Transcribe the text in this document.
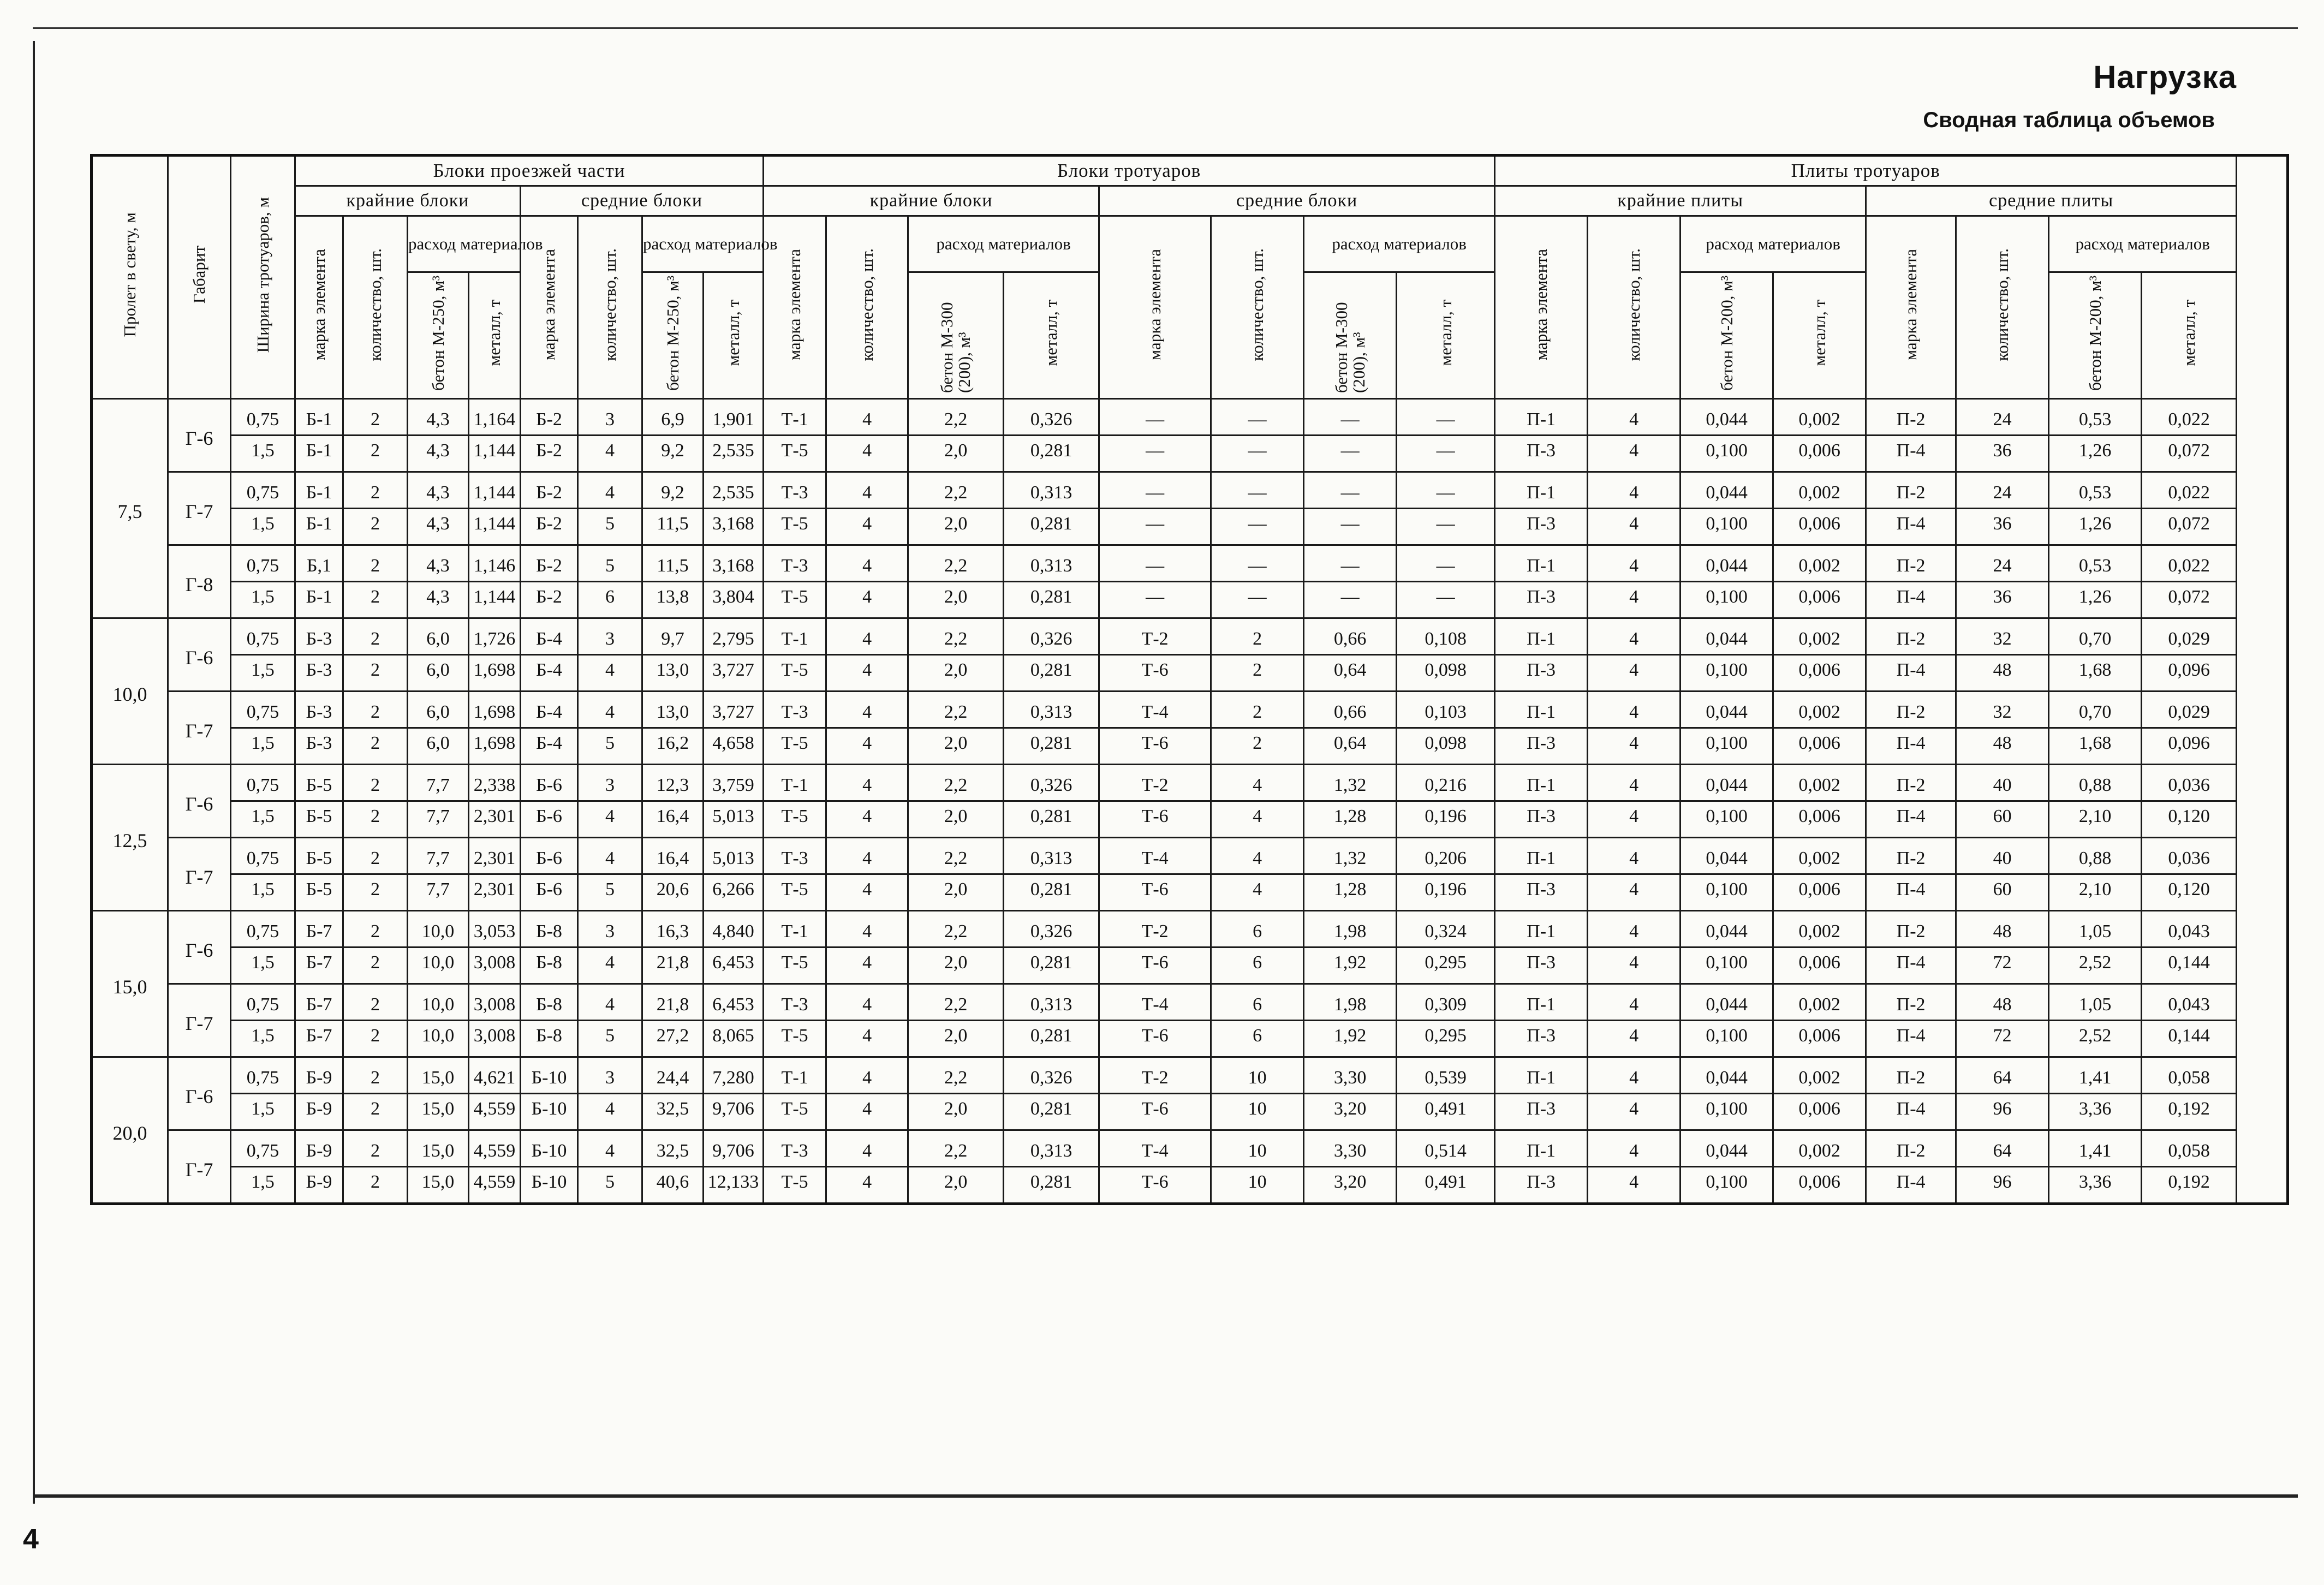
Нагрузка
Сводная таблица объемов
Пролет в свету, м	Габарит	Ширина тротуаров, м	Блоки проезжей части								Блоки тротуаров								Плиты тротуаров								
			крайние блоки				средние блоки				крайние блоки				средние блоки				крайние плиты				средние плиты				
			марка элемента	количество, шт.	расход материалов		марка элемента	количество, шт.	расход материалов		марка элемента	количество, шт.	расход материалов		марка элемента	количество, шт.	расход материалов		марка элемента	количество, шт.	расход материалов		марка элемента	количество, шт.	расход материалов		
					бетон М-250, м³	металл, т			бетон М-250, м³	металл, т			бетон М-300 (200), м³	металл, т			бетон М-300 (200), м³	металл, т			бетон М-200, м³	металл, т			бетон М-200, м³	металл, т	
7,5	Г-6	0,75	Б-1	2	4,3	1,164	Б-2	3	6,9	1,901	Т-1	4	2,2	0,326	—	—	—	—	П-1	4	0,044	0,002	П-2	24	0,53	0,022	
		1,5	Б-1	2	4,3	1,144	Б-2	4	9,2	2,535	Т-5	4	2,0	0,281	—	—	—	—	П-3	4	0,100	0,006	П-4	36	1,26	0,072	
	Г-7	0,75	Б-1	2	4,3	1,144	Б-2	4	9,2	2,535	Т-3	4	2,2	0,313	—	—	—	—	П-1	4	0,044	0,002	П-2	24	0,53	0,022	
		1,5	Б-1	2	4,3	1,144	Б-2	5	11,5	3,168	Т-5	4	2,0	0,281	—	—	—	—	П-3	4	0,100	0,006	П-4	36	1,26	0,072	
	Г-8	0,75	Б,1	2	4,3	1,146	Б-2	5	11,5	3,168	Т-3	4	2,2	0,313	—	—	—	—	П-1	4	0,044	0,002	П-2	24	0,53	0,022	
		1,5	Б-1	2	4,3	1,144	Б-2	6	13,8	3,804	Т-5	4	2,0	0,281	—	—	—	—	П-3	4	0,100	0,006	П-4	36	1,26	0,072	
10,0	Г-6	0,75	Б-3	2	6,0	1,726	Б-4	3	9,7	2,795	Т-1	4	2,2	0,326	Т-2	2	0,66	0,108	П-1	4	0,044	0,002	П-2	32	0,70	0,029	
		1,5	Б-3	2	6,0	1,698	Б-4	4	13,0	3,727	Т-5	4	2,0	0,281	Т-6	2	0,64	0,098	П-3	4	0,100	0,006	П-4	48	1,68	0,096	
	Г-7	0,75	Б-3	2	6,0	1,698	Б-4	4	13,0	3,727	Т-3	4	2,2	0,313	Т-4	2	0,66	0,103	П-1	4	0,044	0,002	П-2	32	0,70	0,029	
		1,5	Б-3	2	6,0	1,698	Б-4	5	16,2	4,658	Т-5	4	2,0	0,281	Т-6	2	0,64	0,098	П-3	4	0,100	0,006	П-4	48	1,68	0,096	
12,5	Г-6	0,75	Б-5	2	7,7	2,338	Б-6	3	12,3	3,759	Т-1	4	2,2	0,326	Т-2	4	1,32	0,216	П-1	4	0,044	0,002	П-2	40	0,88	0,036	
		1,5	Б-5	2	7,7	2,301	Б-6	4	16,4	5,013	Т-5	4	2,0	0,281	Т-6	4	1,28	0,196	П-3	4	0,100	0,006	П-4	60	2,10	0,120	
	Г-7	0,75	Б-5	2	7,7	2,301	Б-6	4	16,4	5,013	Т-3	4	2,2	0,313	Т-4	4	1,32	0,206	П-1	4	0,044	0,002	П-2	40	0,88	0,036	
		1,5	Б-5	2	7,7	2,301	Б-6	5	20,6	6,266	Т-5	4	2,0	0,281	Т-6	4	1,28	0,196	П-3	4	0,100	0,006	П-4	60	2,10	0,120	
15,0	Г-6	0,75	Б-7	2	10,0	3,053	Б-8	3	16,3	4,840	Т-1	4	2,2	0,326	Т-2	6	1,98	0,324	П-1	4	0,044	0,002	П-2	48	1,05	0,043	
		1,5	Б-7	2	10,0	3,008	Б-8	4	21,8	6,453	Т-5	4	2,0	0,281	Т-6	6	1,92	0,295	П-3	4	0,100	0,006	П-4	72	2,52	0,144	
	Г-7	0,75	Б-7	2	10,0	3,008	Б-8	4	21,8	6,453	Т-3	4	2,2	0,313	Т-4	6	1,98	0,309	П-1	4	0,044	0,002	П-2	48	1,05	0,043	
		1,5	Б-7	2	10,0	3,008	Б-8	5	27,2	8,065	Т-5	4	2,0	0,281	Т-6	6	1,92	0,295	П-3	4	0,100	0,006	П-4	72	2,52	0,144	
20,0	Г-6	0,75	Б-9	2	15,0	4,621	Б-10	3	24,4	7,280	Т-1	4	2,2	0,326	Т-2	10	3,30	0,539	П-1	4	0,044	0,002	П-2	64	1,41	0,058	
		1,5	Б-9	2	15,0	4,559	Б-10	4	32,5	9,706	Т-5	4	2,0	0,281	Т-6	10	3,20	0,491	П-3	4	0,100	0,006	П-4	96	3,36	0,192	
	Г-7	0,75	Б-9	2	15,0	4,559	Б-10	4	32,5	9,706	Т-3	4	2,2	0,313	Т-4	10	3,30	0,514	П-1	4	0,044	0,002	П-2	64	1,41	0,058	
		1,5	Б-9	2	15,0	4,559	Б-10	5	40,6	12,133	Т-5	4	2,0	0,281	Т-6	10	3,20	0,491	П-3	4	0,100	0,006	П-4	96	3,36	0,192	
4
